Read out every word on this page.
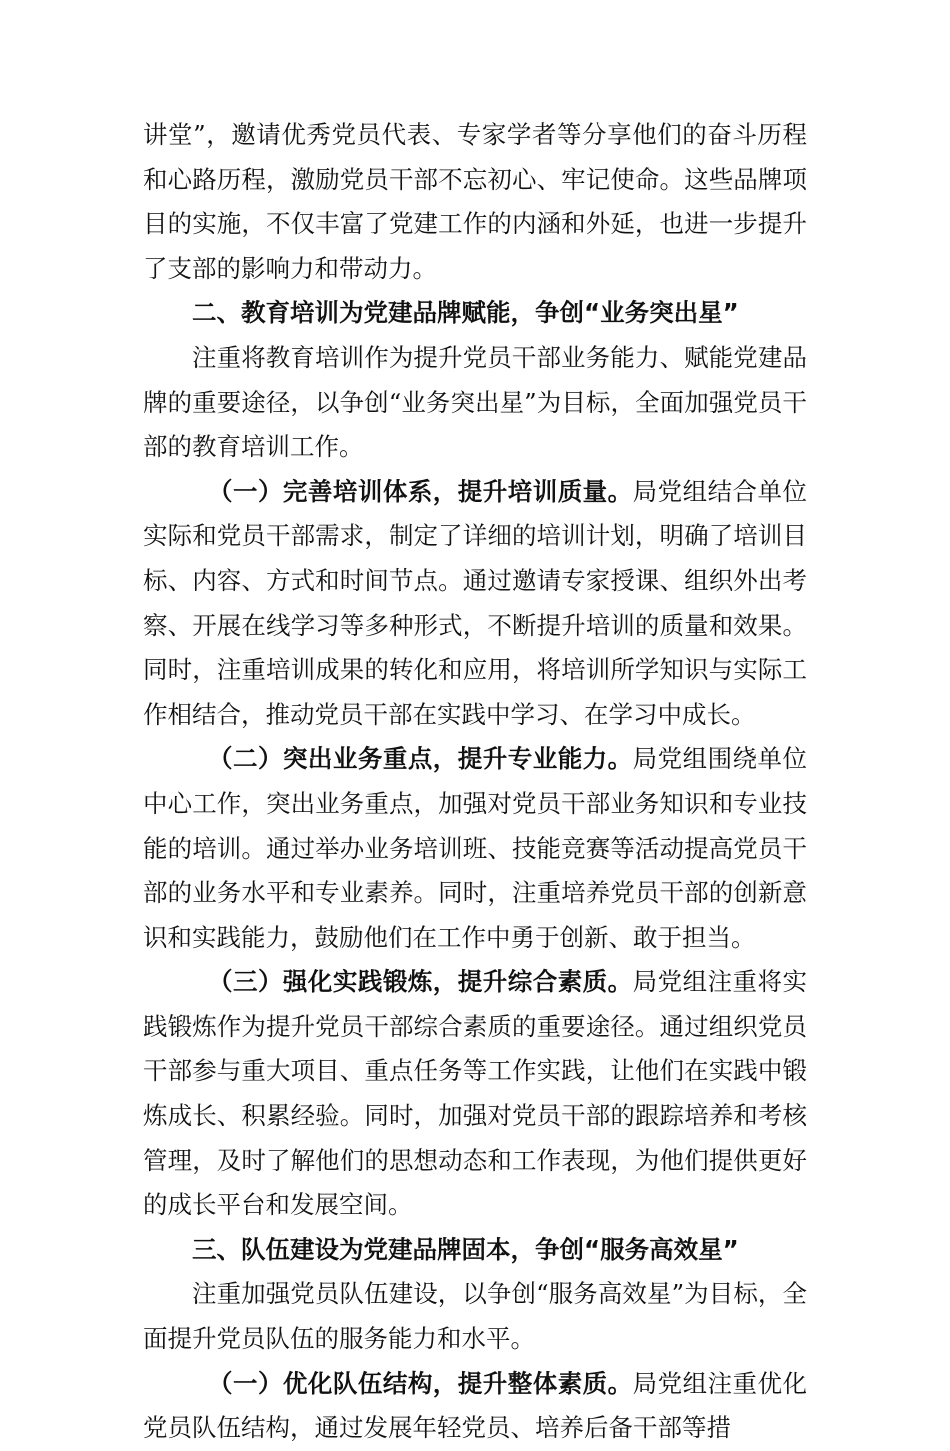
讲堂”，邀请优秀党员代表、专家学者等分享他们的奋斗历程和心路历程，激励党员干部不忘初心、牢记使命。这些品牌项目的实施，不仅丰富了党建工作的内涵和外延，也进一步提升了支部的影响力和带动力。
二、教育培训为党建品牌赋能，争创“业务突出星”
注重将教育培训作为提升党员干部业务能力、赋能党建品牌的重要途径，以争创“业务突出星”为目标，全面加强党员干部的教育培训工作。
（一）完善培训体系，提升培训质量。局党组结合单位实际和党员干部需求，制定了详细的培训计划，明确了培训目标、内容、方式和时间节点。通过邀请专家授课、组织外出考察、开展在线学习等多种形式，不断提升培训的质量和效果。同时，注重培训成果的转化和应用，将培训所学知识与实际工作相结合，推动党员干部在实践中学习、在学习中成长。
（二）突出业务重点，提升专业能力。局党组围绕单位中心工作，突出业务重点，加强对党员干部业务知识和专业技能的培训。通过举办业务培训班、技能竞赛等活动提高党员干部的业务水平和专业素养。同时，注重培养党员干部的创新意识和实践能力，鼓励他们在工作中勇于创新、敢于担当。
（三）强化实践锻炼，提升综合素质。局党组注重将实践锻炼作为提升党员干部综合素质的重要途径。通过组织党员干部参与重大项目、重点任务等工作实践，让他们在实践中锻炼成长、积累经验。同时，加强对党员干部的跟踪培养和考核管理，及时了解他们的思想动态和工作表现，为他们提供更好的成长平台和发展空间。
三、队伍建设为党建品牌固本，争创“服务高效星”
注重加强党员队伍建设，以争创“服务高效星”为目标，全面提升党员队伍的服务能力和水平。
（一）优化队伍结构，提升整体素质。局党组注重优化党员队伍结构，通过发展年轻党员、培养后备干部等措
